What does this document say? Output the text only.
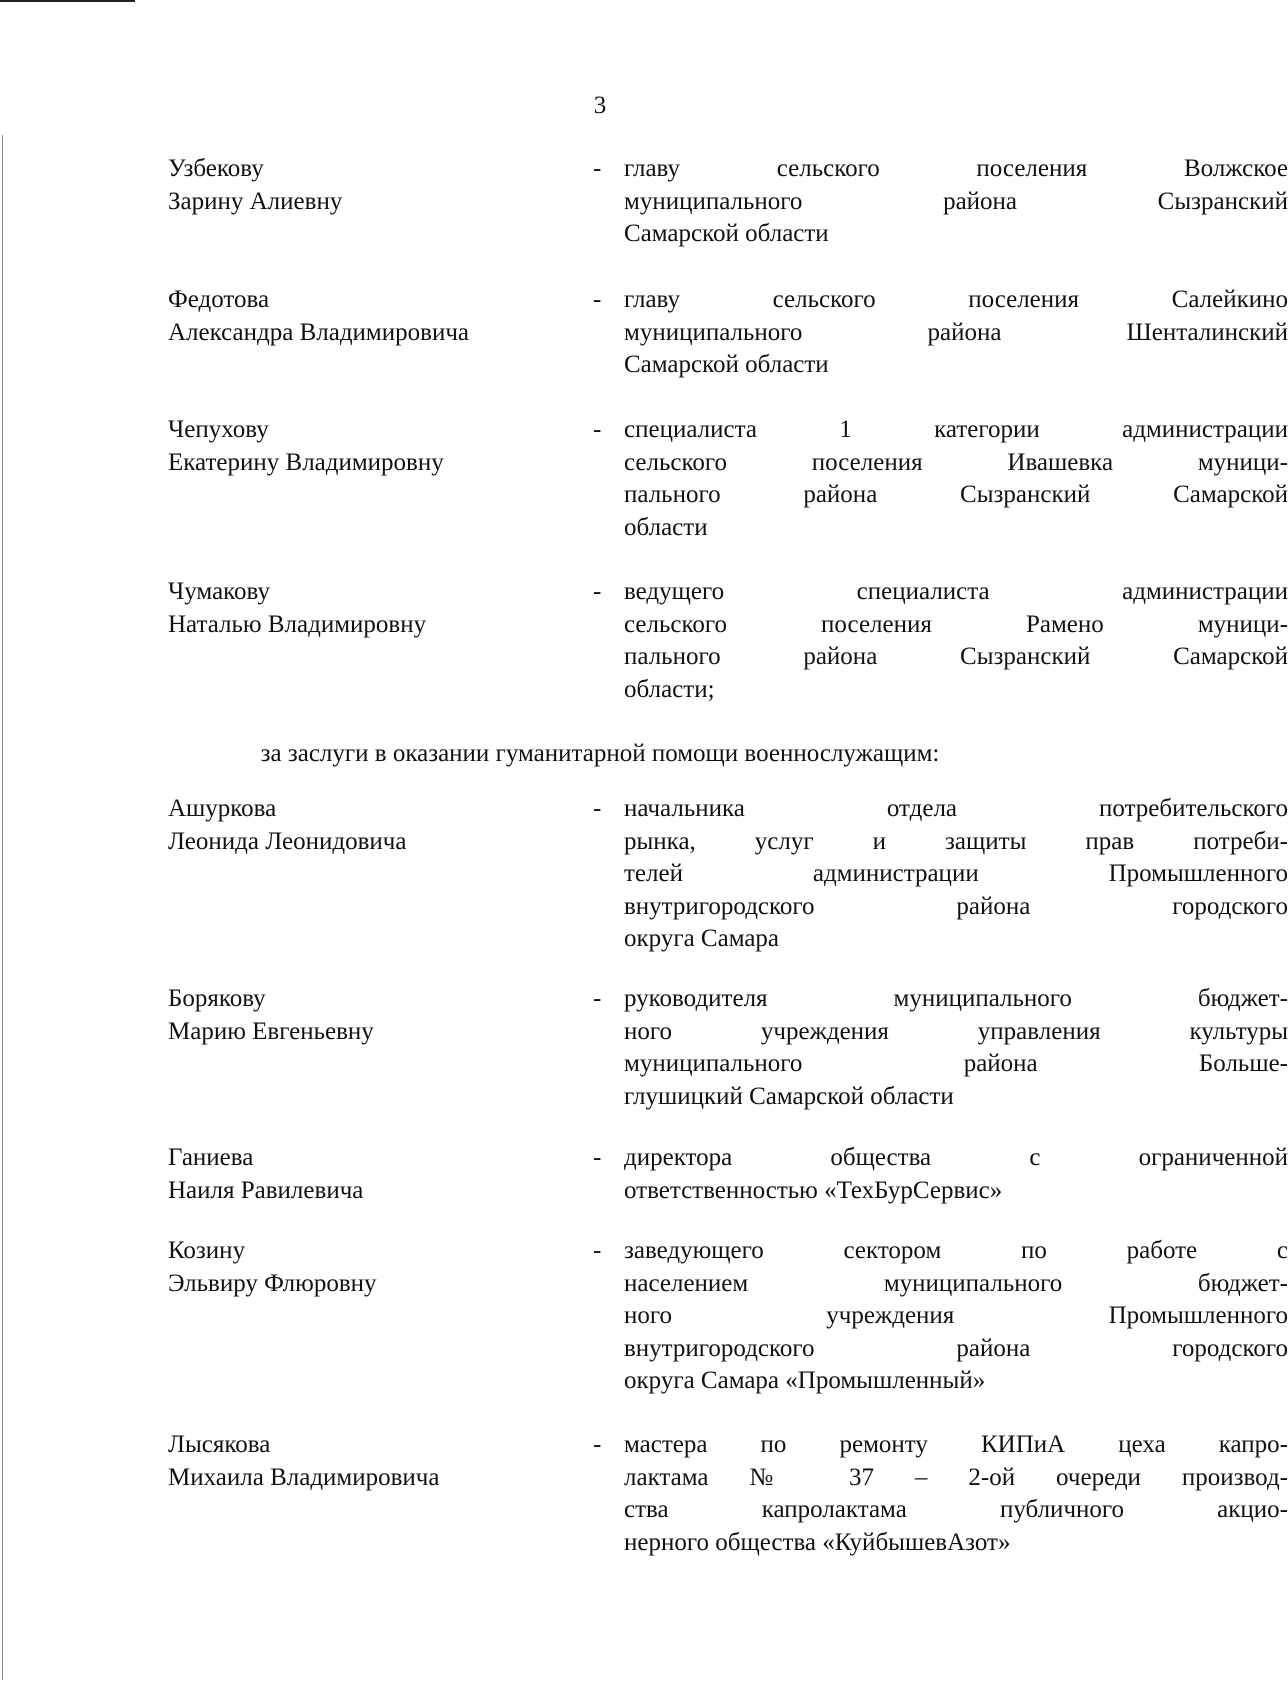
3
Узбекову
Зарину Алиевну
- главу сельского поселения Волжское
муниципального района Сызранский
Самарской области
Федотова
Александра Владимировича
- главу сельского поселения Салейкино
муниципального района Шенталинский
Самарской области
Чепухову
Екатерину Владимировну
- специалиста 1 категории администрации
сельского поселения Ивашевка муници-
пального района Сызранский Самарской
области
Чумакову
Наталью Владимировну
- ведущего специалиста администрации
сельского поселения Рамено муници-
пального района Сызранский Самарской
области;
за заслуги в оказании гуманитарной помощи военнослужащим:
Ашуркова
Леонида Леонидовича
- начальника отдела потребительского
рынка, услуг и защиты прав потреби-
телей администрации Промышленного
внутригородского района городского
округа Самара
Борякову
Марию Евгеньевну
- руководителя муниципального бюджет-
ного учреждения управления культуры
муниципального района Больше-
глушицкий Самарской области
Ганиева
Наиля Равилевича
- директора общества с ограниченной
ответственностью «ТехБурСервис»
Козину
Эльвиру Флюровну
- заведующего сектором по работе с
населением муниципального бюджет-
ного учреждения Промышленного
внутригородского района городского
округа Самара «Промышленный»
Лысякова
Михаила Владимировича
- мастера по ремонту КИПиА цеха капро-
лактама № 37 – 2-ой очереди производ-
ства капролактама публичного акцио-
нерного общества «КуйбышевАзот»
